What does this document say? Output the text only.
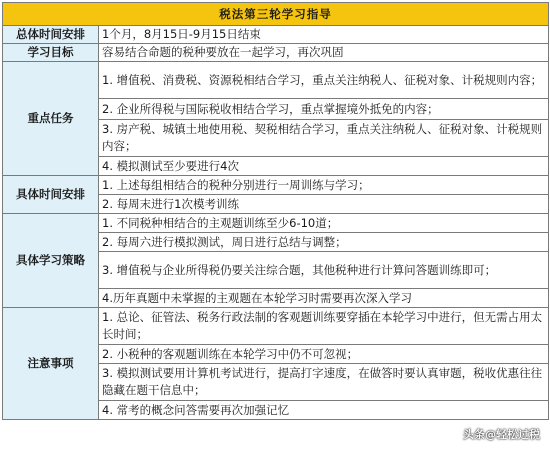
税法第三轮学习指导	
总体时间安排	1个月，8月15日-9月15日结束
学习目标	容易结合命题的税种要放在一起学习，再次巩固
重点任务	1. 增值税、消费税、资源税相结合学习，重点关注纳税人、征税对象、计税规则内容；
	2. 企业所得税与国际税收相结合学习，重点掌握境外抵免的内容；
	3. 房产税、城镇土地使用税、契税相结合学习，重点关注纳税人、征税对象、计税规则内容；
	4. 模拟测试至少要进行4次
具体时间安排	1. 上述每组相结合的税种分别进行一周训练与学习；
	2. 每周末进行1次模考训练
具体学习策略	1. 不同税种相结合的主观题训练至少6-10道；
	2. 每周六进行模拟测试，周日进行总结与调整；
	3. 增值税与企业所得税仍要关注综合题，其他税种进行计算问答题训练即可；
	4.历年真题中未掌握的主观题在本轮学习时需要再次深入学习
注意事项	1. 总论、征管法、税务行政法制的客观题训练要穿插在本轮学习中进行，但无需占用太长时间；
	2. 小税种的客观题训练在本轮学习中仍不可忽视；
	3. 模拟测试要用计算机考试进行，提高打字速度，在做答时要认真审题，税收优惠往往隐藏在题干信息中；
	4. 常考的概念问答需要再次加强记忆
头条@轻松过税
